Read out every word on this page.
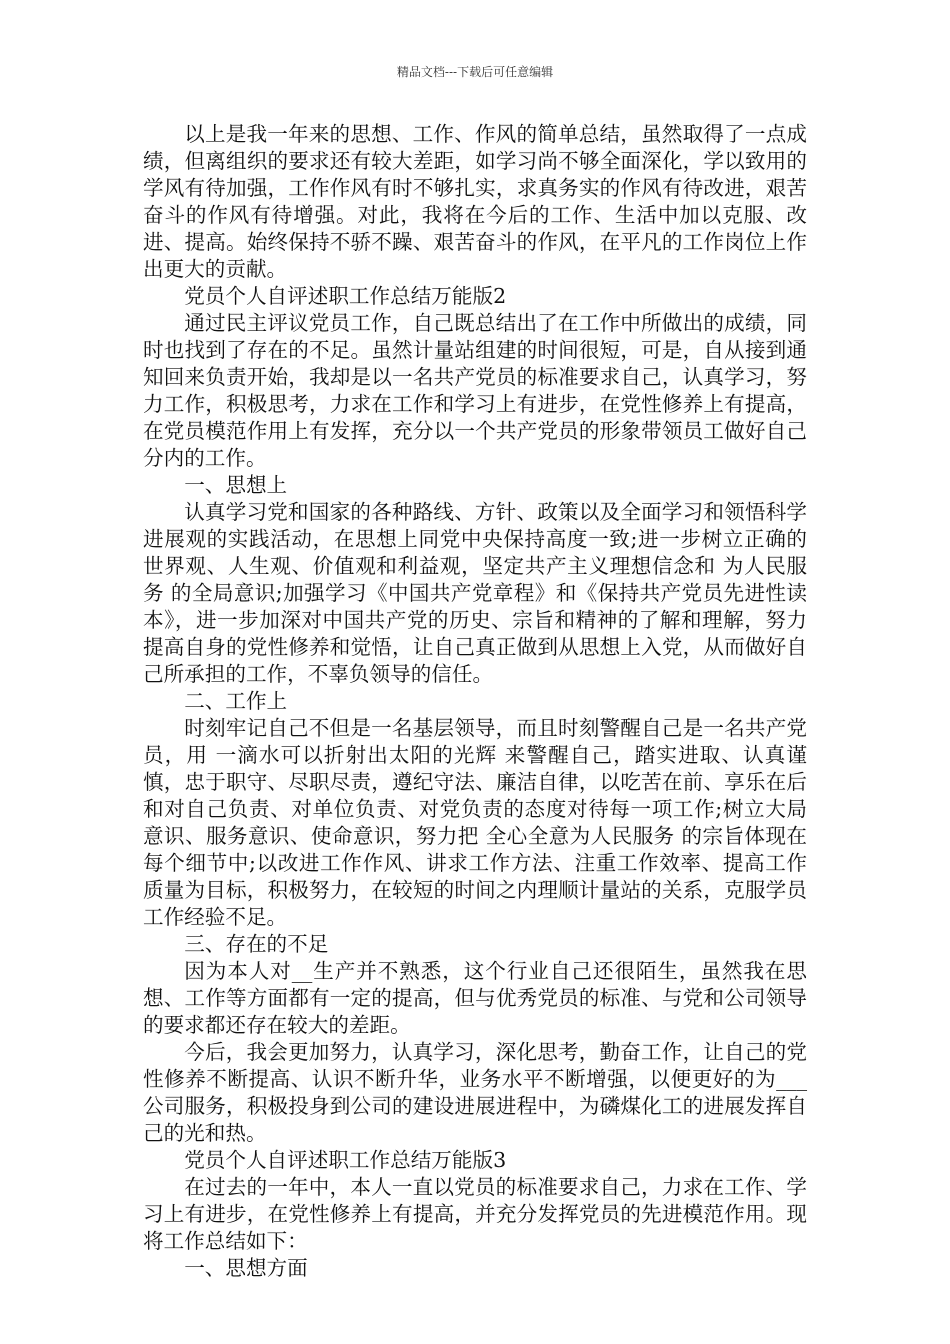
精品文档---下载后可任意编辑

以上是我一年来的思想、工作、作风的简单总结，虽然取得了一点成绩，但离组织的要求还有较大差距，如学习尚不够全面深化，学以致用的学风有待加强，工作作风有时不够扎实，求真务实的作风有待改进，艰苦奋斗的作风有待增强。对此，我将在今后的工作、生活中加以克服、改进、提高。始终保持不骄不躁、艰苦奋斗的作风，在平凡的工作岗位上作出更大的贡献。

党员个人自评述职工作总结万能版2

通过民主评议党员工作，自己既总结出了在工作中所做出的成绩，同时也找到了存在的不足。虽然计量站组建的时间很短，可是，自从接到通知回来负责开始，我却是以一名共产党员的标准要求自己，认真学习，努力工作，积极思考，力求在工作和学习上有进步，在党性修养上有提高，在党员模范作用上有发挥，充分以一个共产党员的形象带领员工做好自己分内的工作。

一、思想上

认真学习党和国家的各种路线、方针、政策以及全面学习和领悟科学进展观的实践活动，在思想上同党中央保持高度一致;进一步树立正确的世界观、人生观、价值观和利益观，坚定共产主义理想信念和 为人民服务 的全局意识;加强学习《中国共产党章程》和《保持共产党员先进性读本》，进一步加深对中国共产党的历史、宗旨和精神的了解和理解，努力提高自身的党性修养和觉悟，让自己真正做到从思想上入党，从而做好自己所承担的工作，不辜负领导的信任。

二、工作上

时刻牢记自己不但是一名基层领导，而且时刻警醒自己是一名共产党员，用 一滴水可以折射出太阳的光辉 来警醒自己，踏实进取、认真谨慎，忠于职守、尽职尽责，遵纪守法、廉洁自律，以吃苦在前、享乐在后和对自己负责、对单位负责、对党负责的态度对待每一项工作;树立大局意识、服务意识、使命意识，努力把 全心全意为人民服务 的宗旨体现在每个细节中;以改进工作作风、讲求工作方法、注重工作效率、提高工作质量为目标，积极努力，在较短的时间之内理顺计量站的关系，克服学员工作经验不足。

三、存在的不足

因为本人对__生产并不熟悉，这个行业自己还很陌生，虽然我在思想、工作等方面都有一定的提高，但与优秀党员的标准、与党和公司领导的要求都还存在较大的差距。

今后，我会更加努力，认真学习，深化思考，勤奋工作，让自己的党性修养不断提高、认识不断升华，业务水平不断增强，以便更好的为___公司服务，积极投身到公司的建设进展进程中，为磷煤化工的进展发挥自己的光和热。

党员个人自评述职工作总结万能版3

在过去的一年中，本人一直以党员的标准要求自己，力求在工作、学习上有进步，在党性修养上有提高，并充分发挥党员的先进模范作用。现将工作总结如下：

一、思想方面
